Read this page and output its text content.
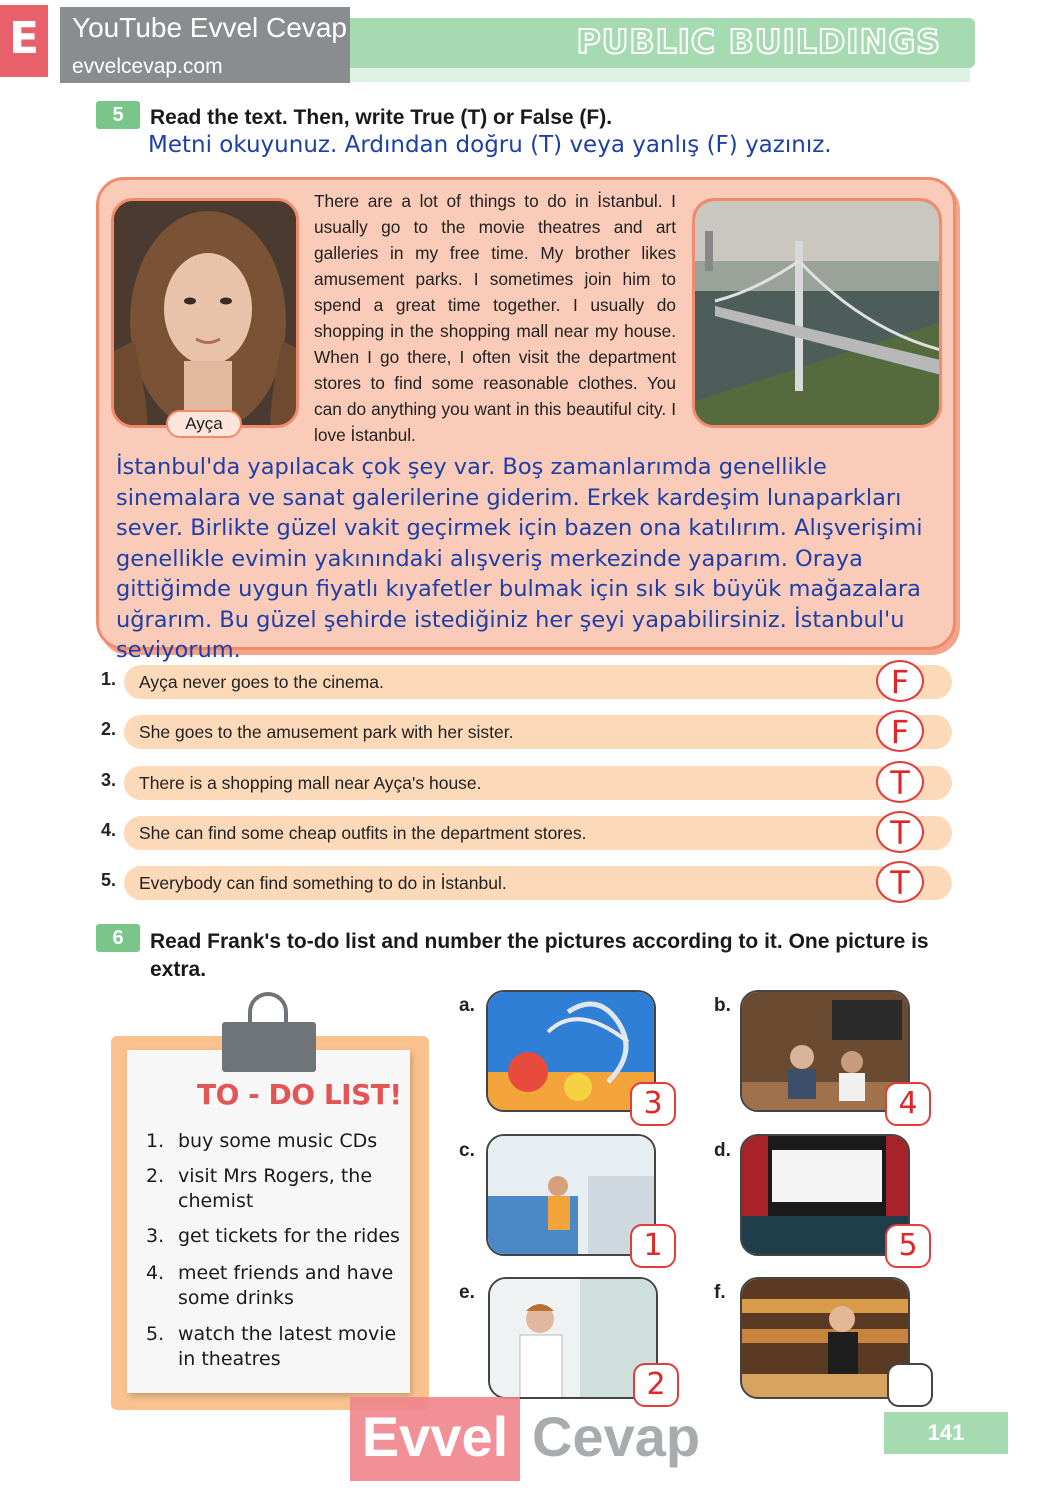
PUBLIC BUILDINGS
E	YouTube Evvel Cevap
evvelcevap.com
5	Read the text. Then, write True (T) or False (F).
Metni okuyunuz. Ardından doğru (T) veya yanlış (F) yazınız.
Ayça
There are a lot of things to do in İstanbul. I usually go to the movie theatres and art galleries in my free time. My brother likes amusement parks. I sometimes join him to spend a great time together. I usually do shopping in the shopping mall near my house. When I go there, I often visit the department stores to find some reasonable clothes. You can do anything you want in this beautiful city. I love İstanbul.
İstanbul'da yapılacak çok şey var. Boş zamanlarımda genellikle sinemalara ve sanat galerilerine giderim. Erkek kardeşim lunaparkları sever. Birlikte güzel vakit geçirmek için bazen ona katılırım. Alışverişimi genellikle evimin yakınındaki alışveriş merkezinde yaparım. Oraya gittiğimde uygun fiyatlı kıyafetler bulmak için sık sık büyük mağazalara uğrarım. Bu güzel şehirde istediğiniz her şeyi yapabilirsiniz. İstanbul'u seviyorum.
1. Ayça never goes to the cinema.	F
2. She goes to the amusement park with her sister.	F
3. There is a shopping mall near Ayça's house.	T
4. She can find some cheap outfits in the department stores.	T
5. Everybody can find something to do in İstanbul.	T
6	Read Frank's to-do list and number the pictures according to it. One picture is
extra.
TO - DO LIST!
1. buy some music CDs
2. visit Mrs Rogers, the chemist
3. get tickets for the rides
4. meet friends and have some drinks
5. watch the latest movie in theatres
a.
3
b.
4
c.
1
d.
5
e.
2
f.
Evvel Cevap	141
